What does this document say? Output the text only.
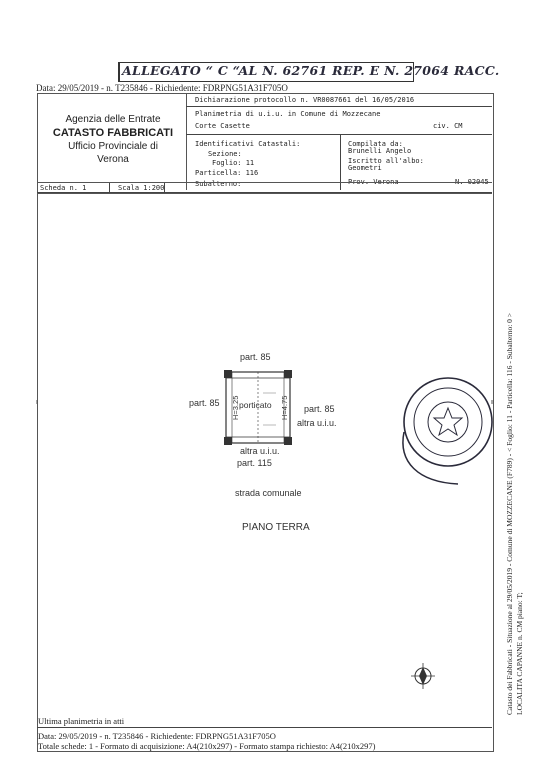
ALLEGATO “ C “AL N. 62761 REP. E N. 27064 RACC.
Data: 29/05/2019 - n. T235846 - Richiedente: FDRPNG51A31F705O
Agenzia delle Entrate
CATASTO FABBRICATI
Ufficio Provinciale di
Verona
Dichiarazione protocollo n. VR0087661 del 16/05/2016
Planimetria di u.i.u. in Comune di Mozzecane
Corte Casette	civ. CM
Identificativi Catastali:
Sezione:
Foglio: 11
Particella: 116
Subalterno:
Compilata da:
Brunelli Angelo
Iscritto all'albo:
Geometri
Prov. Verona	N. 02045
Scheda n. 1	Scala 1:200
part. 85
part. 85
part. 85
altra u.i.u.
porticato
H=3.25	H=4.75
altra u.i.u.
part. 115
strada comunale
PIANO TERRA	Catasto dei Fabbricati - Situazione al 29/05/2019 - Comune di MOZZECANE (F789) - < Foglio: 11 - Particella: 116 - Subalterno: 0 > LOCALITA CAPANNE n. CM piano: T;
Ultima planimetria in atti
Data: 29/05/2019 - n. T235846 - Richiedente: FDRPNG51A31F705O
Totale schede: 1 - Formato di acquisizione: A4(210x297) - Formato stampa richiesto: A4(210x297)
